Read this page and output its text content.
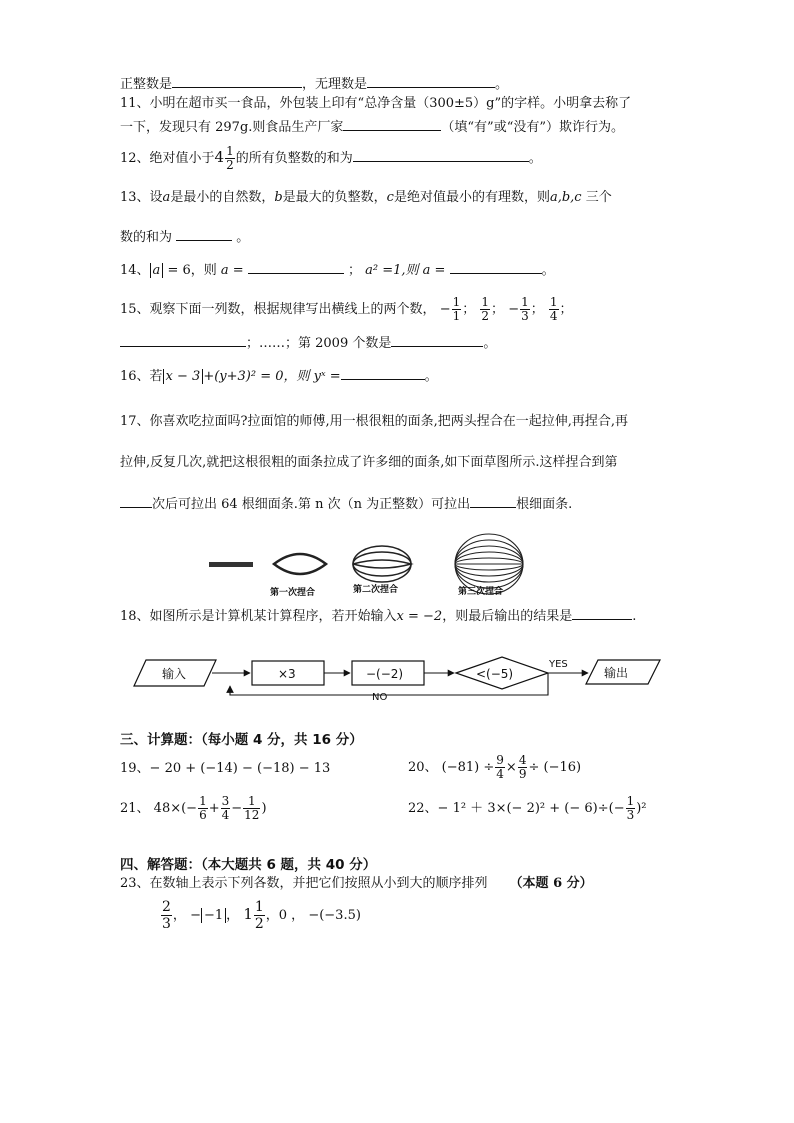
正整数是	，无理数是	。
11、小明在超市买一食品，外包装上印有“总净含量（300±5）g”的字样。小明拿去称了
一下，发现只有 297g.则食品生产厂家	（填“有”或“没有”）欺诈行为。
12、绝对值小于$4 \frac{1}{2}$ 的所有负整数的和为	。
13、设a是最小的自然数，b是最大的负整数，c是绝对值最小的有理数，则a,b,c 三个
数的和为	。
14、 a = 6，则 a =	； a² =1,则 a =	。
15、观察下面一列数，根据规律写出横线上的两个数， − $\frac{1}{1}$ ； $\frac{1}{2}$ ； − $\frac{1}{3}$ ； $\frac{1}{4}$ ；
；……；第 2009 个数是	。
16、若 x − 3 +(y+3)² = 0，则 yˣ =	。
17、你喜欢吃拉面吗?拉面馆的师傅,用一根很粗的面条,把两头捏合在一起拉伸,再捏合,再
拉伸,反复几次,就把这根很粗的面条拉成了许多细的面条,如下面草图所示.这样捏合到第
次后可拉出 64 根细面条.第 n 次（n 为正整数）可拉出	根细面条.
第一次捏合	第二次捏合	第三次捏合
18、如图所示是计算机某计算程序，若开始输入x = −2，则最后输出的结果是	.
输入	×3	−(−2)	<(−5)
YES
输出
NO
三、计算题：（每小题 4 分，共 16 分）
19、− 20 + (−14) − (−18) − 13	20、 $(-81) \div \frac{9}{4} \times \frac{4}{9} \div (-16)$
21、 $48\times(- \frac{1}{6} + \frac{3}{4} - \frac{1}{12}$ )	22、− 1² ＋ 3×(− 2)² + (− $6)\div(- \frac{1}{3} )^2$
四、解答题：（本大题共 6 题，共 40 分）
23、在数轴上表示下列各数，并把它们按照从小到大的顺序排列 （本题 6 分）
$\frac{2}{3}$ ， − −1 ， $1 \frac{1}{2}$ ，0 ， −(−3.5)
